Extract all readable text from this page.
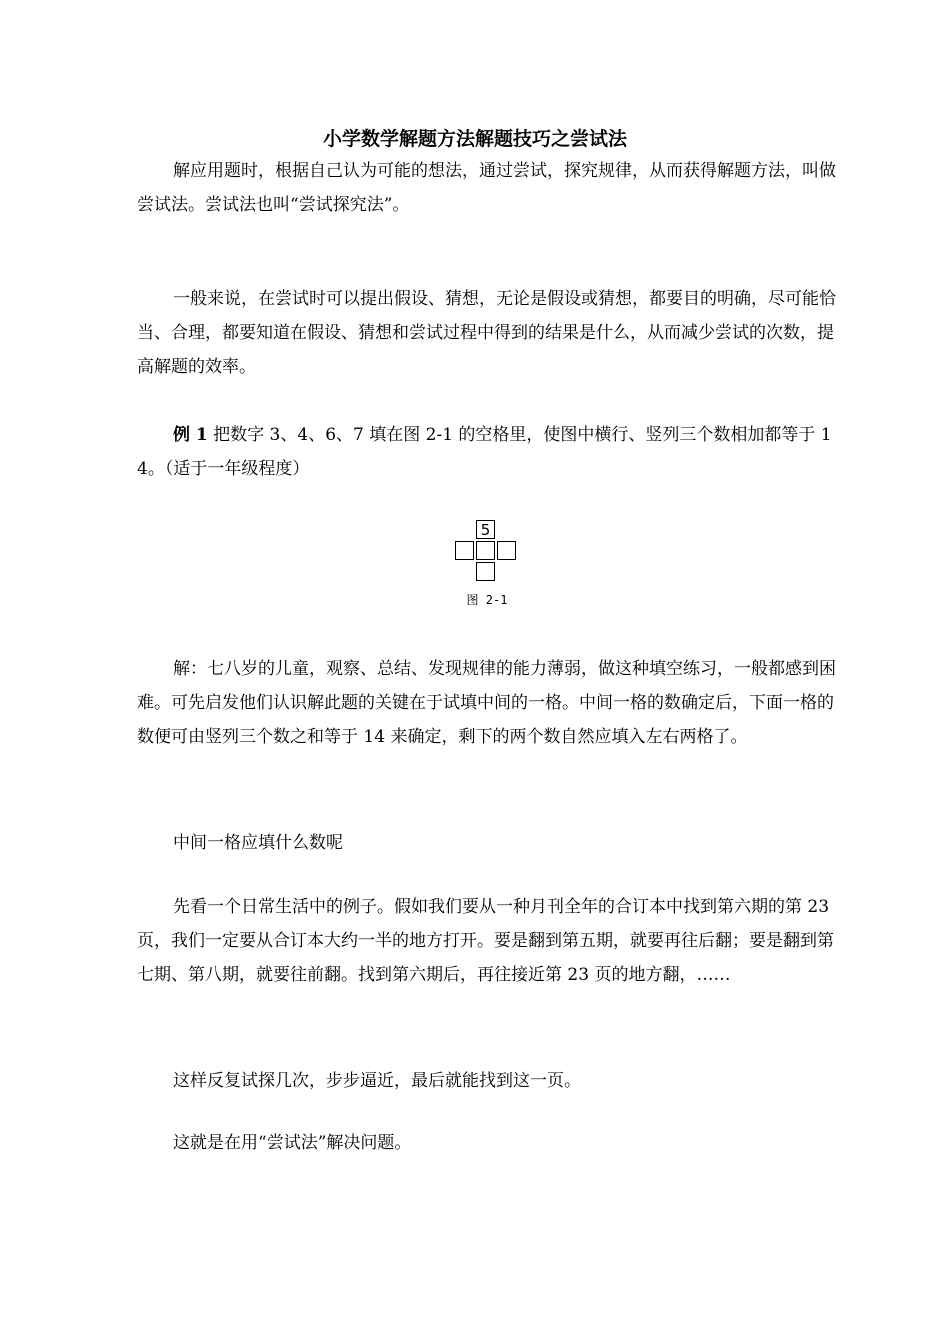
小学数学解题方法解题技巧之尝试法

解应用题时，根据自己认为可能的想法，通过尝试，探究规律，从而获得解题方法，叫做尝试法。尝试法也叫“尝试探究法”。

一般来说，在尝试时可以提出假设、猜想，无论是假设或猜想，都要目的明确，尽可能恰当、合理，都要知道在假设、猜想和尝试过程中得到的结果是什么，从而减少尝试的次数，提高解题的效率。

例 1 把数字 3、4、6、7 填在图 2-1 的空格里，使图中横行、竖列三个数相加都等于 14。（适于一年级程度）

5
图 2-1

解：七八岁的儿童，观察、总结、发现规律的能力薄弱，做这种填空练习，一般都感到困难。可先启发他们认识解此题的关键在于试填中间的一格。中间一格的数确定后，下面一格的数便可由竖列三个数之和等于 14 来确定，剩下的两个数自然应填入左右两格了。

中间一格应填什么数呢

先看一个日常生活中的例子。假如我们要从一种月刊全年的合订本中找到第六期的第 23 页，我们一定要从合订本大约一半的地方打开。要是翻到第五期，就要再往后翻；要是翻到第七期、第八期，就要往前翻。找到第六期后，再往接近第 23 页的地方翻，……

这样反复试探几次，步步逼近，最后就能找到这一页。

这就是在用“尝试法”解决问题。
